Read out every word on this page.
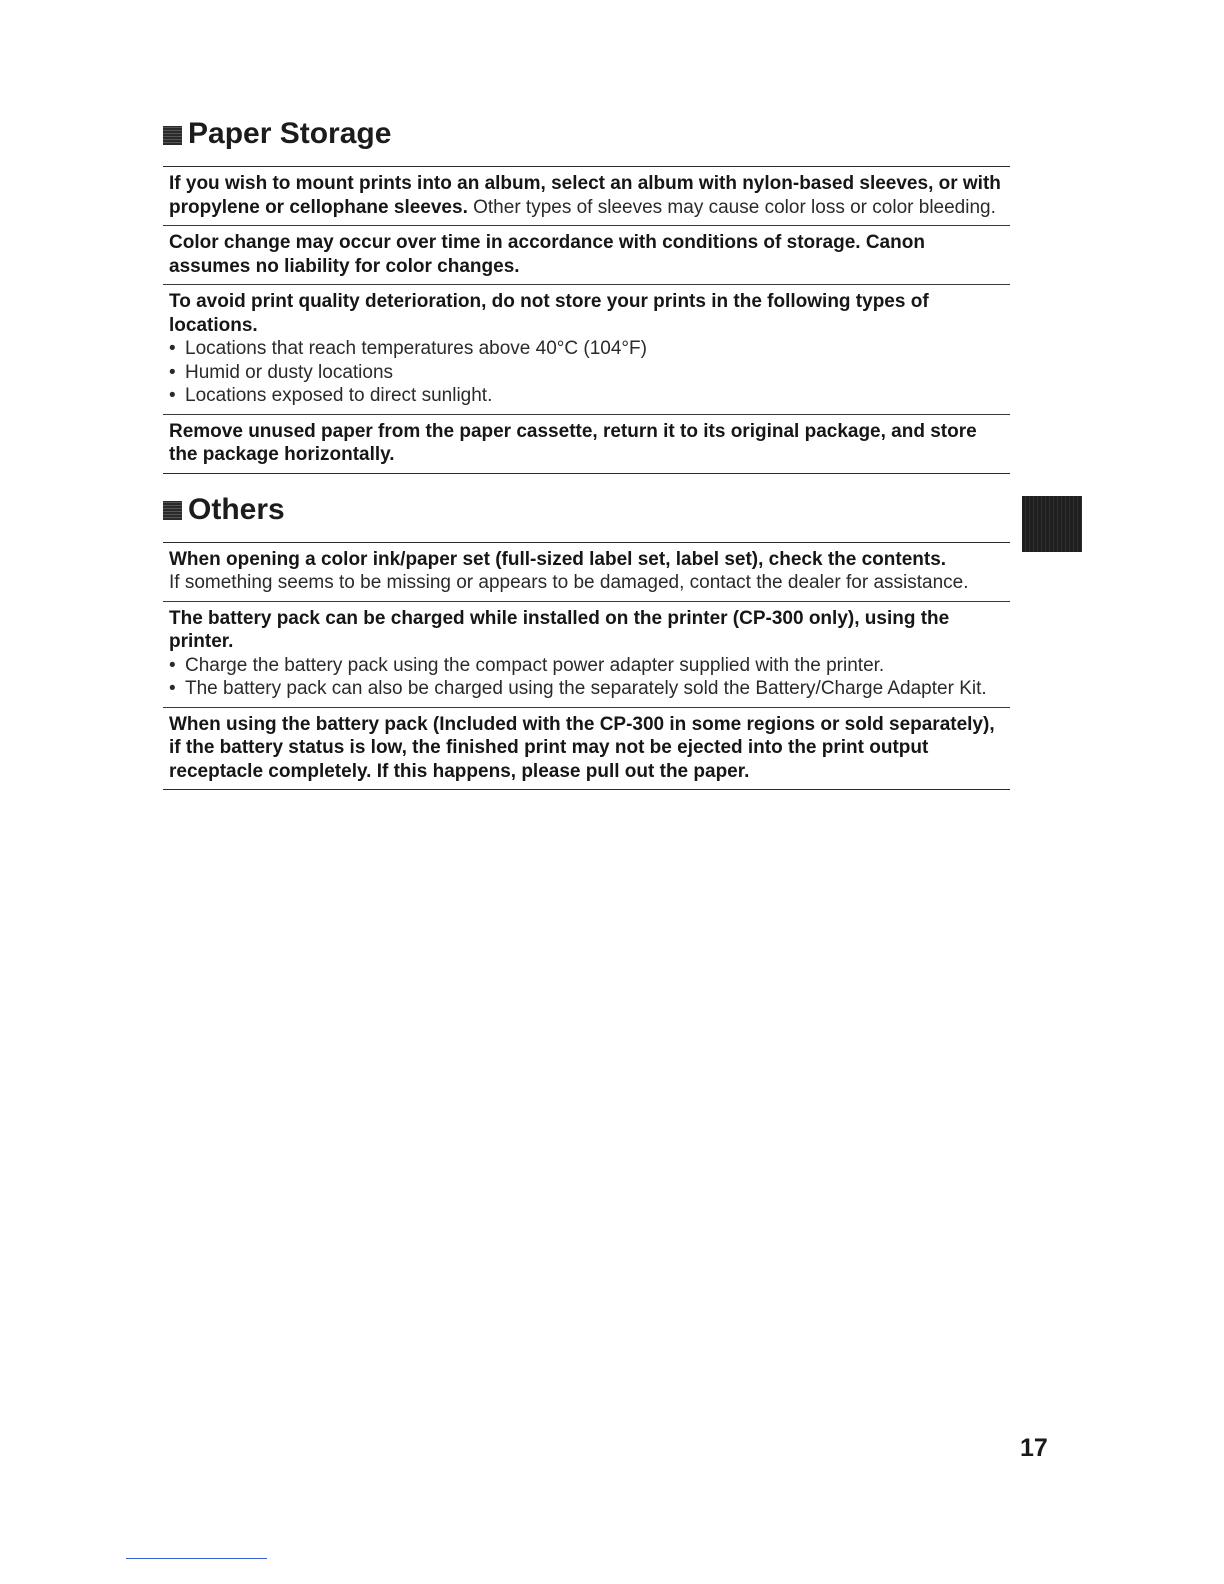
Paper Storage
If you wish to mount prints into an album, select an album with nylon-based sleeves, or with propylene or cellophane sleeves. Other types of sleeves may cause color loss or color bleeding.
Color change may occur over time in accordance with conditions of storage. Canon assumes no liability for color changes.
To avoid print quality deterioration, do not store your prints in the following types of locations.
• Locations that reach temperatures above 40°C (104°F)
• Humid or dusty locations
• Locations exposed to direct sunlight.
Remove unused paper from the paper cassette, return it to its original package, and store the package horizontally.
Others
When opening a color ink/paper set (full-sized label set, label set), check the contents.
If something seems to be missing or appears to be damaged, contact the dealer for assistance.
The battery pack can be charged while installed on the printer (CP-300 only), using the printer.
• Charge the battery pack using the compact power adapter supplied with the printer.
• The battery pack can also be charged using the separately sold the Battery/Charge Adapter Kit.
When using the battery pack (Included with the CP-300 in some regions or sold separately), if the battery status is low, the finished print may not be ejected into the print output receptacle completely. If this happens, please pull out the paper.
17
